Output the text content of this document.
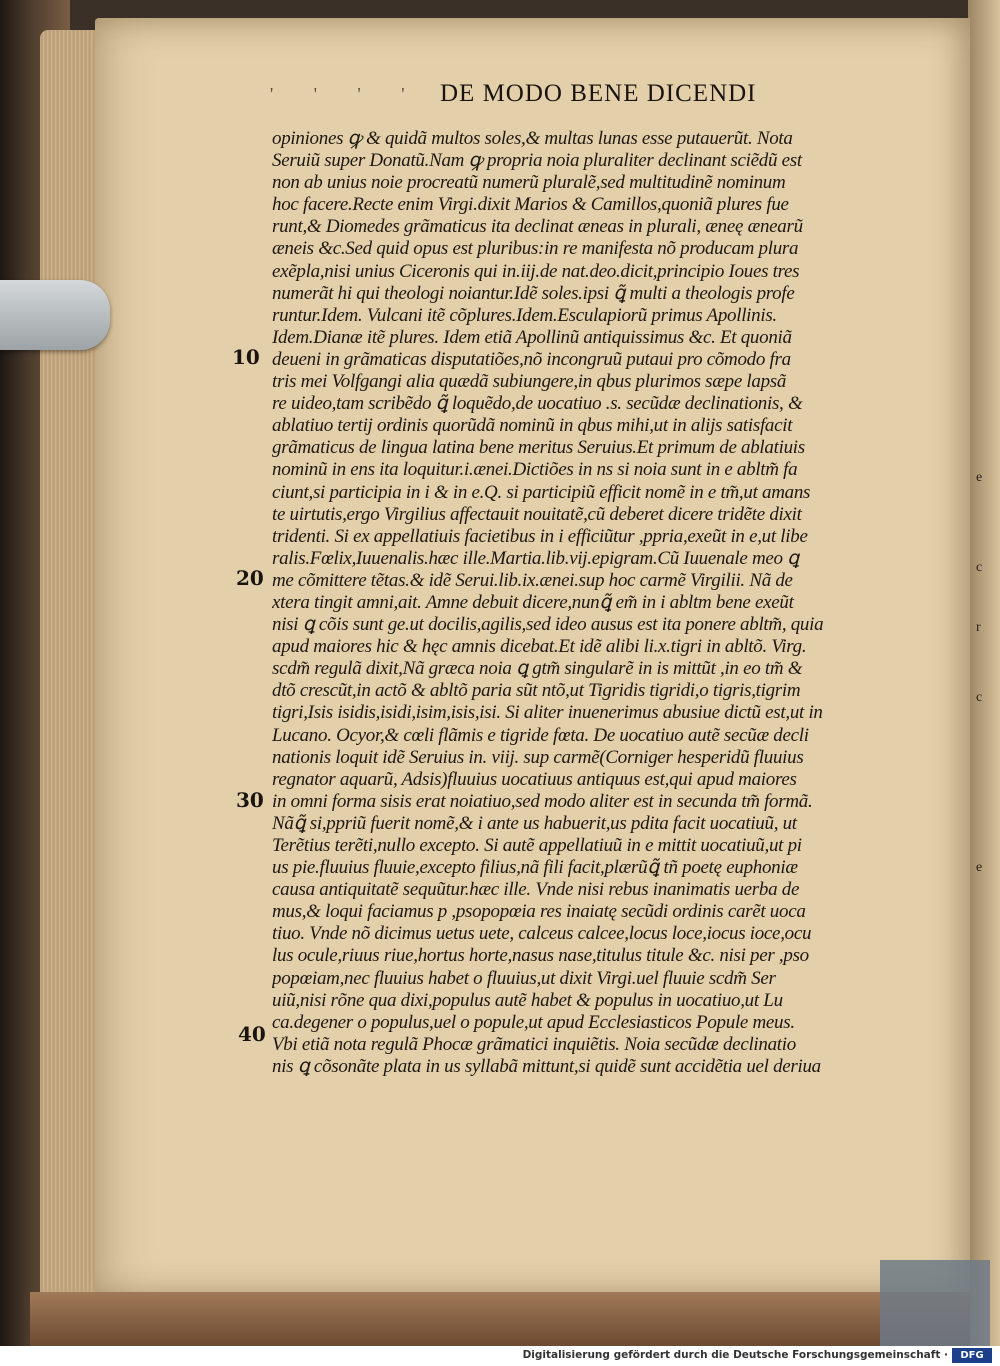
e
c
r
c
e
' ' ' ' DE MODO BENE DICENDI
opiniones ꝙ & quidã multos soles,& multas lunas esse putauerũt. Nota
Seruiũ super Donatũ.Nam ꝙ propria noia pluraliter declinant sciẽdũ est
non ab unius noie procreatũ numerũ pluralẽ,sed multitudinẽ nominum
hoc facere.Recte enim Virgi.dixit Marios & Camillos,quoniã plures fue
runt,& Diomedes grãmaticus ita declinat æneas in plurali, æneę ænearũ
æneis &c.Sed quid opus est pluribus:in re manifesta nõ producam plura
exẽpla,nisi unius Ciceronis qui in.iij.de nat.deo.dicit,principio Ioues tres
numerãt hi qui theologi noiantur.Idẽ soles.ipsi ꝗ̃ multi a theologis profe
runtur.Idem. Vulcani itẽ cõplures.Idem.Esculapiorũ primus Apollinis.
Idem.Dianæ itẽ plures. Idem etiã Apollinũ antiquissimus &c. Et quoniã
deueni in grãmaticas disputatiões,nõ incongruũ putaui pro cõmodo fra
tris mei Volfgangi alia quædã subiungere,in qbus plurimos sæpe lapsã
re uideo,tam scribẽdo ꝗ̃ loquẽdo,de uocatiuo .s. secũdæ declinationis, &
ablatiuo tertij ordinis quorũdã nominũ in qbus mihi,ut in alijs satisfacit
grãmaticus de lingua latina bene meritus Seruius.Et primum de ablatiuis
nominũ in ens ita loquitur.i.ænei.Dictiões in ns si noia sunt in e abltm̃ fa
ciunt,si participia in i & in e.Q. si participiũ efficit nomẽ in e tm̃,ut amans
te uirtutis,ergo Virgilius affectauit nouitatẽ,cũ deberet dicere tridẽte dixit
tridenti. Si ex appellatiuis facietibus in i efficiũtur ,ppria,exeũt in e,ut libe
ralis.Fœlix,Iuuenalis.hæc ille.Martia.lib.vij.epigram.Cũ Iuuenale meo ꝗ
me cõmittere tẽtas.& idẽ Serui.lib.ix.ænei.sup hoc carmẽ Virgilii. Nã de
xtera tingit amni,ait. Amne debuit dicere,nunꝗ̃ em̃ in i abltm bene exeũt
nisi ꝗ cõis sunt ge.ut docilis,agilis,sed ideo ausus est ita ponere abltm̃, quia
apud maiores hic & hęc amnis dicebat.Et idẽ alibi li.x.tigri in abltõ. Virg.
scdm̃ regulã dixit,Nã græca noia ꝗ gtm̃ singularẽ in is mittũt ,in eo tm̃ &
dtõ crescũt,in actõ & abltõ paria sũt ntõ,ut Tigridis tigridi,o tigris,tigrim
tigri,Isis isidis,isidi,isim,isis,isi. Si aliter inuenerimus abusiue dictũ est,ut in
Lucano. Ocyor,& cœli flãmis e tigride fœta. De uocatiuo autẽ secũæ decli
nationis loquit idẽ Seruius in. viij. sup carmẽ(Corniger hesperidũ fluuius
regnator aquarũ, Adsis)fluuius uocatiuus antiquus est,qui apud maiores
in omni forma sisis erat noiatiuo,sed modo aliter est in secunda tm̃ formã.
Nãꝗ̃ si,ppriũ fuerit nomẽ,& i ante us habuerit,us pdita facit uocatiuũ, ut
Terẽtius terẽti,nullo excepto. Si autẽ appellatiuũ in e mittit uocatiuũ,ut pi
us pie.fluuius fluuie,excepto filius,nã fili facit,plærũꝗ̃ tñ poetę euphoniæ
causa antiquitatẽ sequũtur.hæc ille. Vnde nisi rebus inanimatis uerba de
mus,& loqui faciamus p ,psopopœia res inaiatę secũdi ordinis carẽt uoca
tiuo. Vnde nõ dicimus uetus uete, calceus calcee,locus loce,iocus ioce,ocu
lus ocule,riuus riue,hortus horte,nasus nase,titulus titule &c. nisi per ,pso
popœiam,nec fluuius habet o fluuius,ut dixit Virgi.uel fluuie scdm̃ Ser
uiũ,nisi rõne qua dixi,populus autẽ habet & populus in uocatiuo,ut Lu
ca.degener o populus,uel o popule,ut apud Ecclesiasticos Popule meus.
Vbi etiã nota regulã Phocæ grãmatici inquiẽtis. Noia secũdæ declinatio
nis ꝗ cõsonãte plata in us syllabã mittunt,si quidẽ sunt accidẽtia uel deriua
10
20
30
40
Digitalisierung gefördert durch die Deutsche Forschungsgemeinschaft ·	DFG
